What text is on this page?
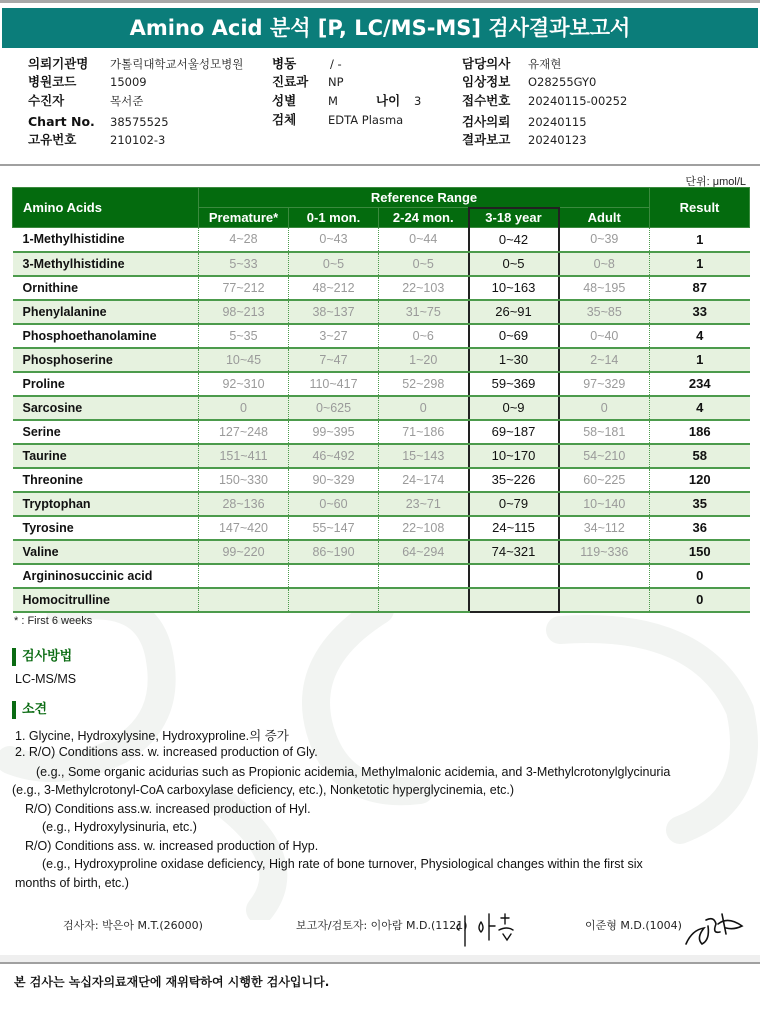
Amino Acid 분석 [P, LC/MS-MS] 검사결과보고서
의뢰기관명 가톨릭대학교서울성모병원
병원코드	15009
수진자	목서준
Chart No. 38575525
고유번호	210102-3
병동	/ -
진료과 NP
성별	M	나이 3
검체	EDTA Plasma
담당의사 유재현
임상정보 O28255GY0
접수번호 20240115-00252
검사의뢰 20240115
결과보고 20240123
단위: μmol/L
Amino Acids	Reference Range					Result
	Premature*	0-1 mon.	2-24 mon.	3-18 year	Adult	
1-Methylhistidine	4~28	0~43	0~44	0~42	0~39	1
3-Methylhistidine	5~33	0~5	0~5	0~5	0~8	1
Ornithine	77~212	48~212	22~103	10~163	48~195	87
Phenylalanine	98~213	38~137	31~75	26~91	35~85	33
Phosphoethanolamine	5~35	3~27	0~6	0~69	0~40	4
Phosphoserine	10~45	7~47	1~20	1~30	2~14	1
Proline	92~310	110~417	52~298	59~369	97~329	234
Sarcosine	0	0~625	0	0~9	0	4
Serine	127~248	99~395	71~186	69~187	58~181	186
Taurine	151~411	46~492	15~143	10~170	54~210	58
Threonine	150~330	90~329	24~174	35~226	60~225	120
Tryptophan	28~136	0~60	23~71	0~79	10~140	35
Tyrosine	147~420	55~147	22~108	24~115	34~112	36
Valine	99~220	86~190	64~294	74~321	119~336	150
Argininosuccinic acid						0
Homocitrulline						0
* : First 6 weeks
검사방법
LC-MS/MS
소견
1. Glycine, Hydroxylysine, Hydroxyproline.의 증가
2. R/O) Conditions ass. w. increased production of Gly.
(e.g., Some organic acidurias such as Propionic acidemia, Methylmalonic acidemia, and 3-Methylcrotonylglycinuria
(e.g., 3-Methylcrotonyl-CoA carboxylase deficiency, etc.), Nonketotic hyperglycinemia, etc.)
R/O) Conditions ass.w. increased production of Hyl.
(e.g., Hydroxylysinuria, etc.)
R/O) Conditions ass. w. increased production of Hyp.
(e.g., Hydroxyproline oxidase deficiency, High rate of bone turnover, Physiological changes within the first six
months of birth, etc.)
검사자: 박은아 M.T.(26000)	보고자/검토자: 이아람 M.D.(1121)	이준형 M.D.(1004)
본 검사는 녹십자의료재단에 재위탁하여 시행한 검사입니다.
